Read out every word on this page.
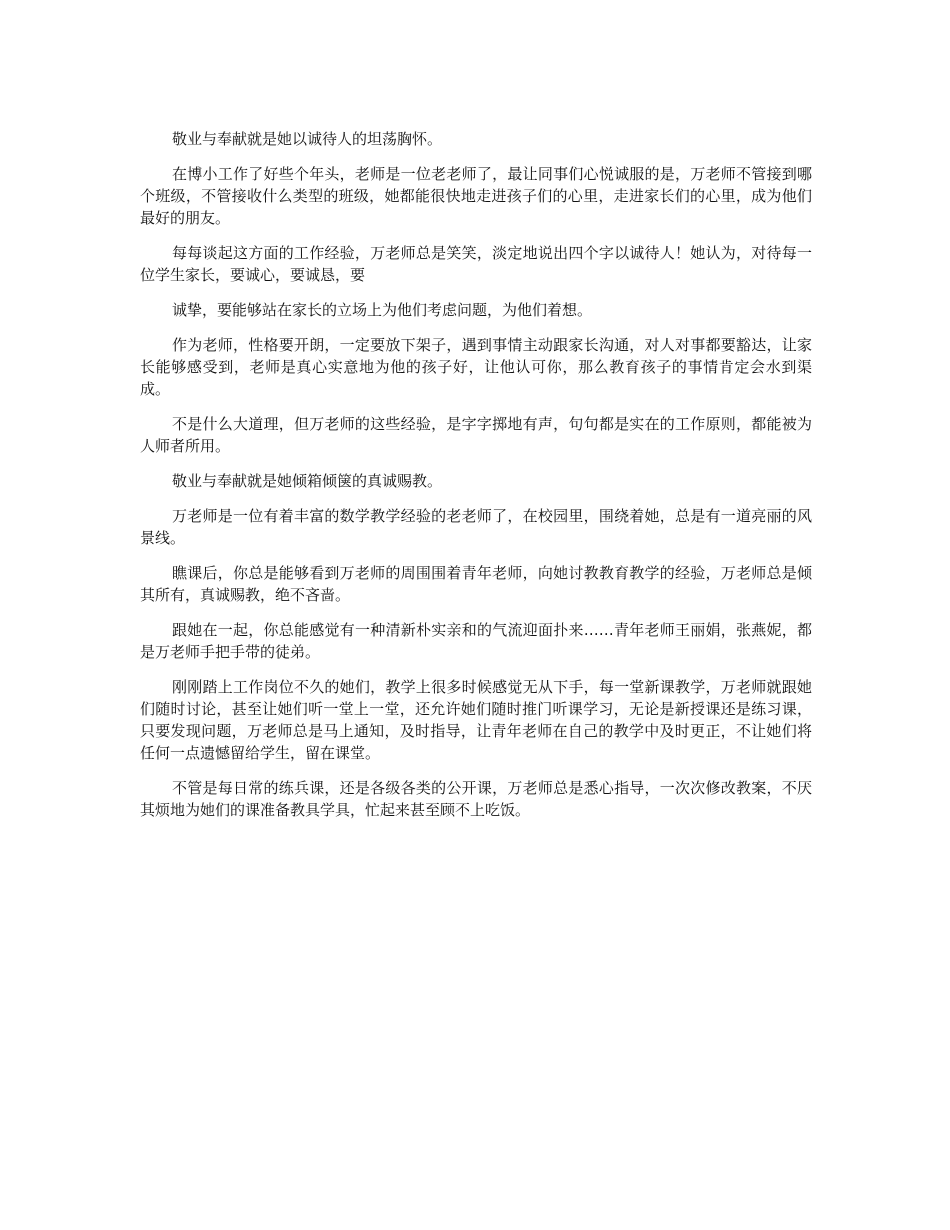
敬业与奉献就是她以诚待人的坦荡胸怀。

在博小工作了好些个年头，老师是一位老老师了，最让同事们心悦诚服的是，万老师不管接到哪个班级，不管接收什么类型的班级，她都能很快地走进孩子们的心里，走进家长们的心里，成为他们最好的朋友。

每每谈起这方面的工作经验，万老师总是笑笑，淡定地说出四个字以诚待人！她认为，对待每一位学生家长，要诚心，要诚恳，要

诚挚，要能够站在家长的立场上为他们考虑问题，为他们着想。

作为老师，性格要开朗，一定要放下架子，遇到事情主动跟家长沟通，对人对事都要豁达，让家长能够感受到，老师是真心实意地为他的孩子好，让他认可你，那么教育孩子的事情肯定会水到渠成。

不是什么大道理，但万老师的这些经验，是字字掷地有声，句句都是实在的工作原则，都能被为人师者所用。

敬业与奉献就是她倾箱倾箧的真诚赐教。

万老师是一位有着丰富的数学教学经验的老老师了，在校园里，围绕着她，总是有一道亮丽的风景线。

瞧课后，你总是能够看到万老师的周围围着青年老师，向她讨教教育教学的经验，万老师总是倾其所有，真诚赐教，绝不吝啬。

跟她在一起，你总能感觉有一种清新朴实亲和的气流迎面扑来……青年老师王丽娟，张燕妮，都是万老师手把手带的徒弟。

刚刚踏上工作岗位不久的她们，教学上很多时候感觉无从下手，每一堂新课教学，万老师就跟她们随时讨论，甚至让她们听一堂上一堂，还允许她们随时推门听课学习，无论是新授课还是练习课，只要发现问题，万老师总是马上通知，及时指导，让青年老师在自己的教学中及时更正，不让她们将任何一点遗憾留给学生，留在课堂。

不管是每日常的练兵课，还是各级各类的公开课，万老师总是悉心指导，一次次修改教案，不厌其烦地为她们的课准备教具学具，忙起来甚至顾不上吃饭。
